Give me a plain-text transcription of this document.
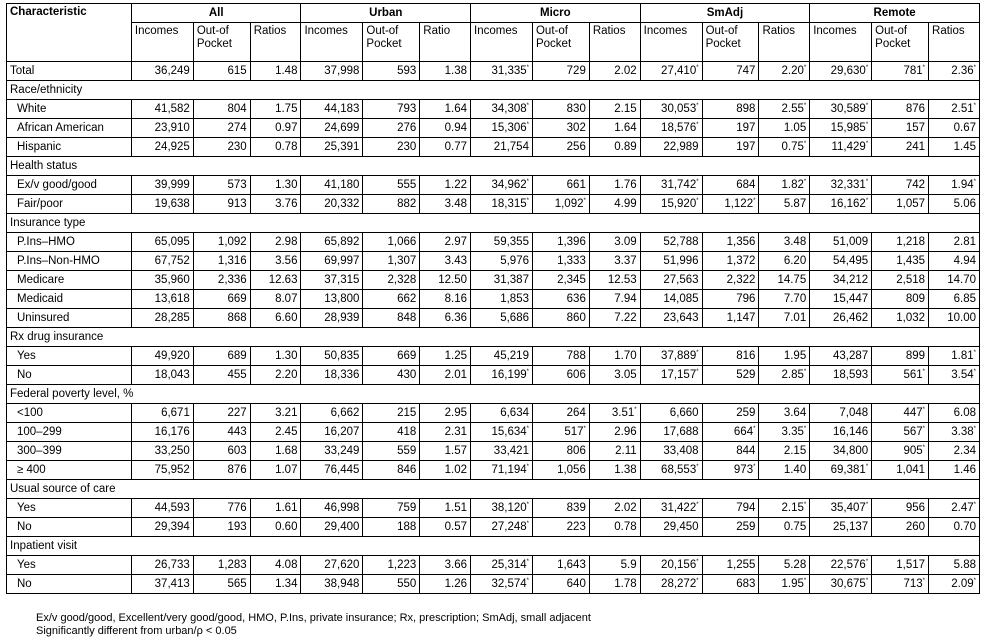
Characteristic	All			Urban			Micro			SmAdj			Remote		
	Incomes	Out-of Pocket	Ratios	Incomes	Out-of Pocket	Ratio	Incomes	Out-of Pocket	Ratios	Incomes	Out-of Pocket	Ratios	Incomes	Out-of Pocket	Ratios
Total	36,249	615	1.48	37,998	593	1.38	31,335*	729	2.02	27,410*	747	2.20*	29,630*	781*	2.36*
Race/ethnicity															
White	41,582	804	1.75	44,183	793	1.64	34,308*	830	2.15	30,053*	898	2.55*	30,589*	876	2.51*
African American	23,910	274	0.97	24,699	276	0.94	15,306*	302	1.64	18,576*	197	1.05	15,985*	157	0.67
Hispanic	24,925	230	0.78	25,391	230	0.77	21,754	256	0.89	22,989	197	0.75*	11,429*	241	1.45
Health status															
Ex/v good/good	39,999	573	1.30	41,180	555	1.22	34,962*	661	1.76	31,742*	684	1.82*	32,331*	742	1.94*
Fair/poor	19,638	913	3.76	20,332	882	3.48	18,315*	1,092*	4.99	15,920*	1,122*	5.87	16,162*	1,057	5.06
Insurance type															
P.Ins–HMO	65,095	1,092	2.98	65,892	1,066	2.97	59,355	1,396	3.09	52,788	1,356	3.48	51,009	1,218	2.81
P.Ins–Non-HMO	67,752	1,316	3.56	69,997	1,307	3.43	5,976	1,333	3.37	51,996	1,372	6.20	54,495	1,435	4.94
Medicare	35,960	2,336	12.63	37,315	2,328	12.50	31,387	2,345	12.53	27,563	2,322	14.75	34,212	2,518	14.70
Medicaid	13,618	669	8.07	13,800	662	8.16	1,853	636	7.94	14,085	796	7.70	15,447	809	6.85
Uninsured	28,285	868	6.60	28,939	848	6.36	5,686	860	7.22	23,643	1,147	7.01	26,462	1,032	10.00
Rx drug insurance															
Yes	49,920	689	1.30	50,835	669	1.25	45,219	788	1.70	37,889*	816	1.95	43,287	899	1.81*
No	18,043	455	2.20	18,336	430	2.01	16,199*	606	3.05	17,157*	529	2.85*	18,593	561*	3.54*
Federal poverty level, %															
<100	6,671	227	3.21	6,662	215	2.95	6,634	264	3.51*	6,660	259	3.64	7,048	447*	6.08
100–299	16,176	443	2.45	16,207	418	2.31	15,634*	517*	2.96	17,688	664*	3.35*	16,146	567*	3.38*
300–399	33,250	603	1.68	33,249	559	1.57	33,421	806	2.11	33,408	844	2.15	34,800	905*	2.34
≥ 400	75,952	876	1.07	76,445	846	1.02	71,194*	1,056	1.38	68,553*	973*	1.40	69,381*	1,041	1.46
Usual source of care															
Yes	44,593	776	1.61	46,998	759	1.51	38,120*	839	2.02	31,422*	794	2.15*	35,407*	956	2.47*
No	29,394	193	0.60	29,400	188	0.57	27,248*	223	0.78	29,450	259	0.75	25,137	260	0.70
Inpatient visit															
Yes	26,733	1,283	4.08	27,620	1,223	3.66	25,314*	1,643	5.9	20,156*	1,255	5.28	22,576*	1,517	5.88
No	37,413	565	1.34	38,948	550	1.26	32,574*	640	1.78	28,272*	683	1.95*	30,675*	713*	2.09*
Ex/v good/good, Excellent/very good/good, HMO, P.Ins, private insurance; Rx, prescription; SmAdj, small adjacent
Significantly different from urban/ρ < 0.05
